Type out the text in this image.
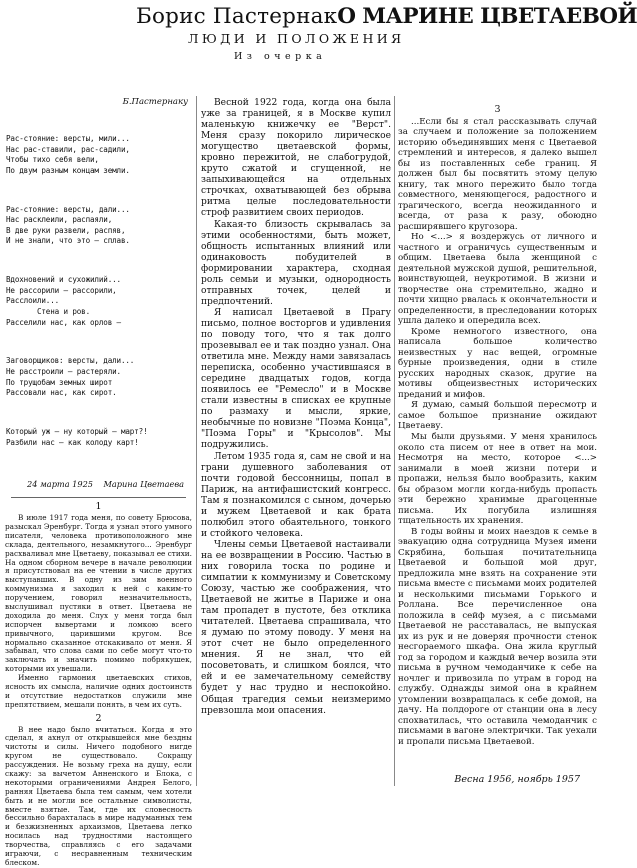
Борис ПастернакО МАРИНЕ ЦВЕТАЕВОЙ
ЛЮДИ И ПОЛОЖЕНИЯ
Из очерка
Б.Пастернаку

Рас-стояние: версты, мили...
Нас рас-ставили, рас-садили,
Чтобы тихо себя вели,
По двум разным концам земли.

Рас-стояние: версты, дали...
Нас расклеили, распаяли,
В две руки развели, распяв,
И не знали, что это — сплав.

Вдохновений и сухожилий...
Не рассорили — рассорили,
Расслоили...
Стена и ров.
Расселили нас, как орлов —

Заговорщиков: версты, дали...
Не расстроили — растеряли.
По трущобам земных широт
Рассовали нас, как сирот.

Который уж — ну который — март?!
Разбили нас — как колоду карт!

24 марта 1925 Марина Цветаева
1

В июле 1917 года меня, по совету Брюсова, разыскал Эренбург. Тогда я узнал этого умного писателя, человека противоположного мне склада, деятельного, незамкнутого... Эренбург расхваливал мне Цветаеву, показывал ее стихи. На одном сборном вечере в начале революции я присутствовал на ее чтении в числе других выступавших. В одну из зим военного коммунизма я заходил к ней с каким-то поручением, говорил незначительность, выслушивал пустяки в ответ. Цветаева не доходила до меня. Слух у меня тогда был испорчен вывертами и ломкою всего привычного, царившими кругом. Все нормально сказанное отскакивало от меня. Я забывал, что слова сами по себе могут что-то заключать и значить помимо побрякушек, которыми их увешали.

Именно гармония цветаевских стихов, ясность их смысла, наличие одних достоинств и отсутствие недостатков служили мне препятствием, мешали понять, в чем их суть.

2

В нее надо было вчитаться. Когда я это сделал, я ахнул от открывшейся мне бездны чистоты и силы. Ничего подобного нигде кругом не существовало. Сокращу рассуждения. Не возьму греха на душу, если скажу: за вычетом Анненского и Блока, с некоторыми ограничениями Андрея Белого, ранняя Цветаева была тем самым, чем хотели быть и не могли все остальные символисты, вместе взятые. Там, где их словесность бессильно барахталась в мире надуманных тем и безжизненных архаизмов, Цветаева легко носилась над трудностями настоящего творчества, справляясь с его задачами играючи, с несравненным техническим блеском.

Весной 1922 года, когда она была уже за границей, я в Москве купил маленькую книжечку ее "Верст". Меня сразу покорило лирическое могущество цветаевской формы, кровно пережитой, не слабогрудой, круто сжатой и сгущенной, не запыхивающейся на отдельных строчках, охватывающей без обрыва ритма целые последовательности строф развитием своих периодов.

Какая-то близость скрывалась за этими особенностями, быть может, общность испытанных влияний или одинаковость побудителей в формировании характера, сходная роль семьи и музыки, однородность отправных точек, целей и предпочтений.

Я написал Цветаевой в Прагу письмо, полное восторгов и удивления по поводу того, что я так долго прозевывал ее и так поздно узнал. Она ответила мне. Между нами завязалась переписка, особенно участившаяся в середине двадцатых годов, когда появилось ее "Ремесло" и в Москве стали известны в списках ее крупные по размаху и мысли, яркие, необычные по новизне "Поэма Конца", "Поэма Горы" и "Крысолов". Мы подружились.

Летом 1935 года я, сам не свой и на грани душевного заболевания от почти годовой бессонницы, попал в Париж, на антифашистский конгресс. Там я познакомился с сыном, дочерью и мужем Цветаевой и как брата полюбил этого обаятельного, тонкого и стойкого человека.

Члены семьи Цветаевой настаивали на ее возвращении в Россию. Частью в них говорила тоска по родине и симпатии к коммунизму и Советскому Союзу, частью же соображения, что Цветаевой не житье в Париже и она там пропадет в пустоте, без отклика читателей. Цветаева спрашивала, что я думаю по этому поводу. У меня на этот счет не было определенного мнения. Я не знал, что ей посоветовать, и слишком боялся, что ей и ее замечательному семейству будет у нас трудно и неспокойно. Общая трагедия семьи неизмеримо превзошла мои опасения.

3

...Если бы я стал рассказывать случай за случаем и положение за положением историю объединявших меня с Цветаевой стремлений и интересов, я далеко вышел бы из поставленных себе границ. Я должен был бы посвятить этому целую книгу, так много пережито было тогда совместного, меняющегося, радостного и трагического, всегда неожиданного и всегда, от раза к разу, обоюдно расширявшего кругозора.

Но <...> я воздержусь от личного и частного и ограничусь существенным и общим. Цветаева была женщиной с деятельной мужской душой, решительной, воинствующей, неукротимой. В жизни и творчестве она стремительно, жадно и почти хищно рвалась к окончательности и определенности, в преследовании которых ушла далеко и опередила всех.

Кроме немногого известного, она написала большое количество неизвестных у нас вещей, огромные бурные произведения, одни в стиле русских народных сказок, другие на мотивы общеизвестных исторических преданий и мифов.

Я думаю, самый большой пересмотр и самое большое признание ожидают Цветаеву.

Мы были друзьями. У меня хранилось около ста писем от нее в ответ на мои. Несмотря на место, которое <...> занимали в моей жизни потери и пропажи, нельзя было вообразить, каким бы образом могли когда-нибудь пропасть эти бережно хранимые драгоценные письма. Их погубила излишняя тщательность их хранения.

В годы войны и моих наездов к семье в эвакуацию одна сотрудница Музея имени Скрябина, большая почитательница Цветаевой и большой мой друг, предложила мне взять на сохранение эти письма вместе с письмами моих родителей и несколькими письмами Горького и Роллана. Все перечисленное она положила в сейф музея, а с письмами Цветаевой не расставалась, не выпуская их из рук и не доверяя прочности стенок несгораемого шкафа. Она жила круглый год за городом и каждый вечер возила эти письма в ручном чемоданчике к себе на ночлег и привозила по утрам в город на службу. Однажды зимой она в крайнем утомлении возвращалась к себе домой, на дачу. На полдороге от станции она в лесу спохватилась, что оставила чемоданчик с письмами в вагоне электрички. Так уехали и пропали письма Цветаевой.

Весна 1956, ноябрь 1957
